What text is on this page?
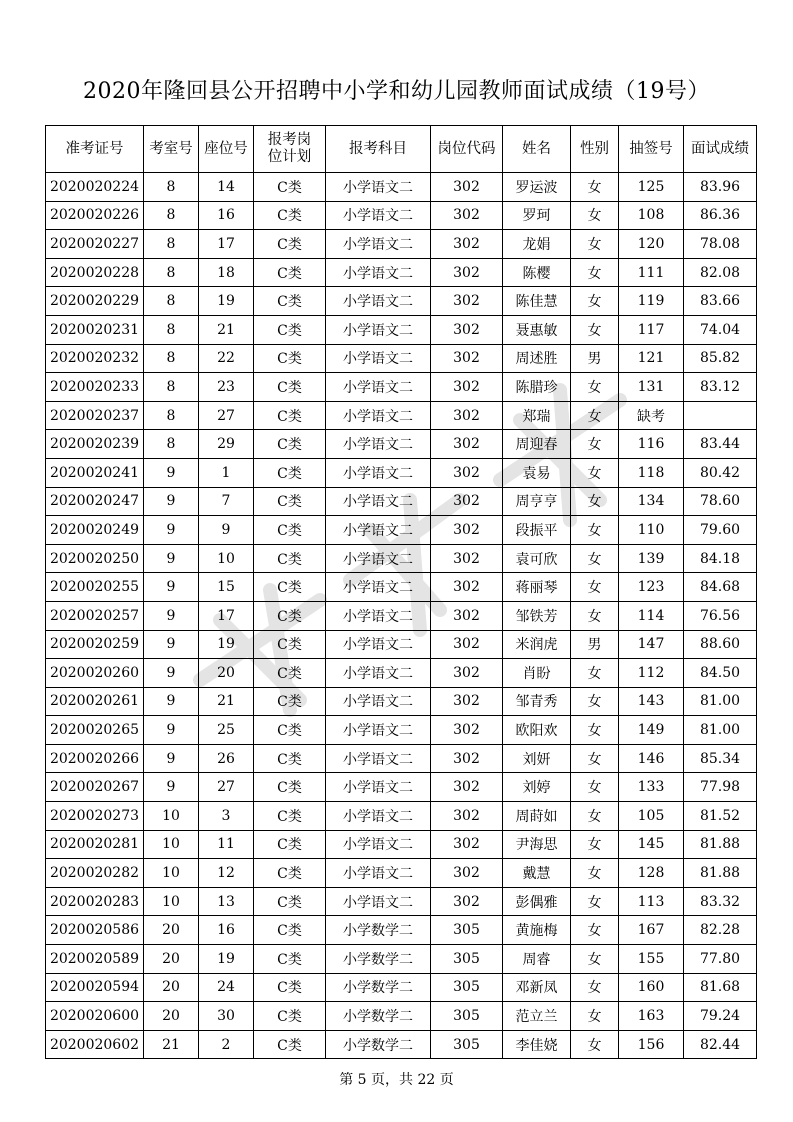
2020年隆回县公开招聘中小学和幼儿园教师面试成绩（19号）
准考证号	考室号	座位号	报考岗位计划	报考科目	岗位代码	姓名	性别	抽签号	面试成绩
2020020224	8	14	C类	小学语文二	302	罗运波	女	125	83.96
2020020226	8	16	C类	小学语文二	302	罗珂	女	108	86.36
2020020227	8	17	C类	小学语文二	302	龙娟	女	120	78.08
2020020228	8	18	C类	小学语文二	302	陈樱	女	111	82.08
2020020229	8	19	C类	小学语文二	302	陈佳慧	女	119	83.66
2020020231	8	21	C类	小学语文二	302	聂惠敏	女	117	74.04
2020020232	8	22	C类	小学语文二	302	周述胜	男	121	85.82
2020020233	8	23	C类	小学语文二	302	陈腊珍	女	131	83.12
2020020237	8	27	C类	小学语文二	302	郑瑞	女	缺考	
2020020239	8	29	C类	小学语文二	302	周迎春	女	116	83.44
2020020241	9	1	C类	小学语文二	302	袁易	女	118	80.42
2020020247	9	7	C类	小学语文二	302	周亨亨	女	134	78.60
2020020249	9	9	C类	小学语文二	302	段振平	女	110	79.60
2020020250	9	10	C类	小学语文二	302	袁可欣	女	139	84.18
2020020255	9	15	C类	小学语文二	302	蒋丽琴	女	123	84.68
2020020257	9	17	C类	小学语文二	302	邹铁芳	女	114	76.56
2020020259	9	19	C类	小学语文二	302	米润虎	男	147	88.60
2020020260	9	20	C类	小学语文二	302	肖盼	女	112	84.50
2020020261	9	21	C类	小学语文二	302	邹青秀	女	143	81.00
2020020265	9	25	C类	小学语文二	302	欧阳欢	女	149	81.00
2020020266	9	26	C类	小学语文二	302	刘妍	女	146	85.34
2020020267	9	27	C类	小学语文二	302	刘婷	女	133	77.98
2020020273	10	3	C类	小学语文二	302	周莳如	女	105	81.52
2020020281	10	11	C类	小学语文二	302	尹海思	女	145	81.88
2020020282	10	12	C类	小学语文二	302	戴慧	女	128	81.88
2020020283	10	13	C类	小学语文二	302	彭偶雅	女	113	83.32
2020020586	20	16	C类	小学数学二	305	黄施梅	女	167	82.28
2020020589	20	19	C类	小学数学二	305	周睿	女	155	77.80
2020020594	20	24	C类	小学数学二	305	邓新凤	女	160	81.68
2020020600	20	30	C类	小学数学二	305	范立兰	女	163	79.24
2020020602	21	2	C类	小学数学二	305	李佳娆	女	156	82.44
第 5 页，共 22 页
